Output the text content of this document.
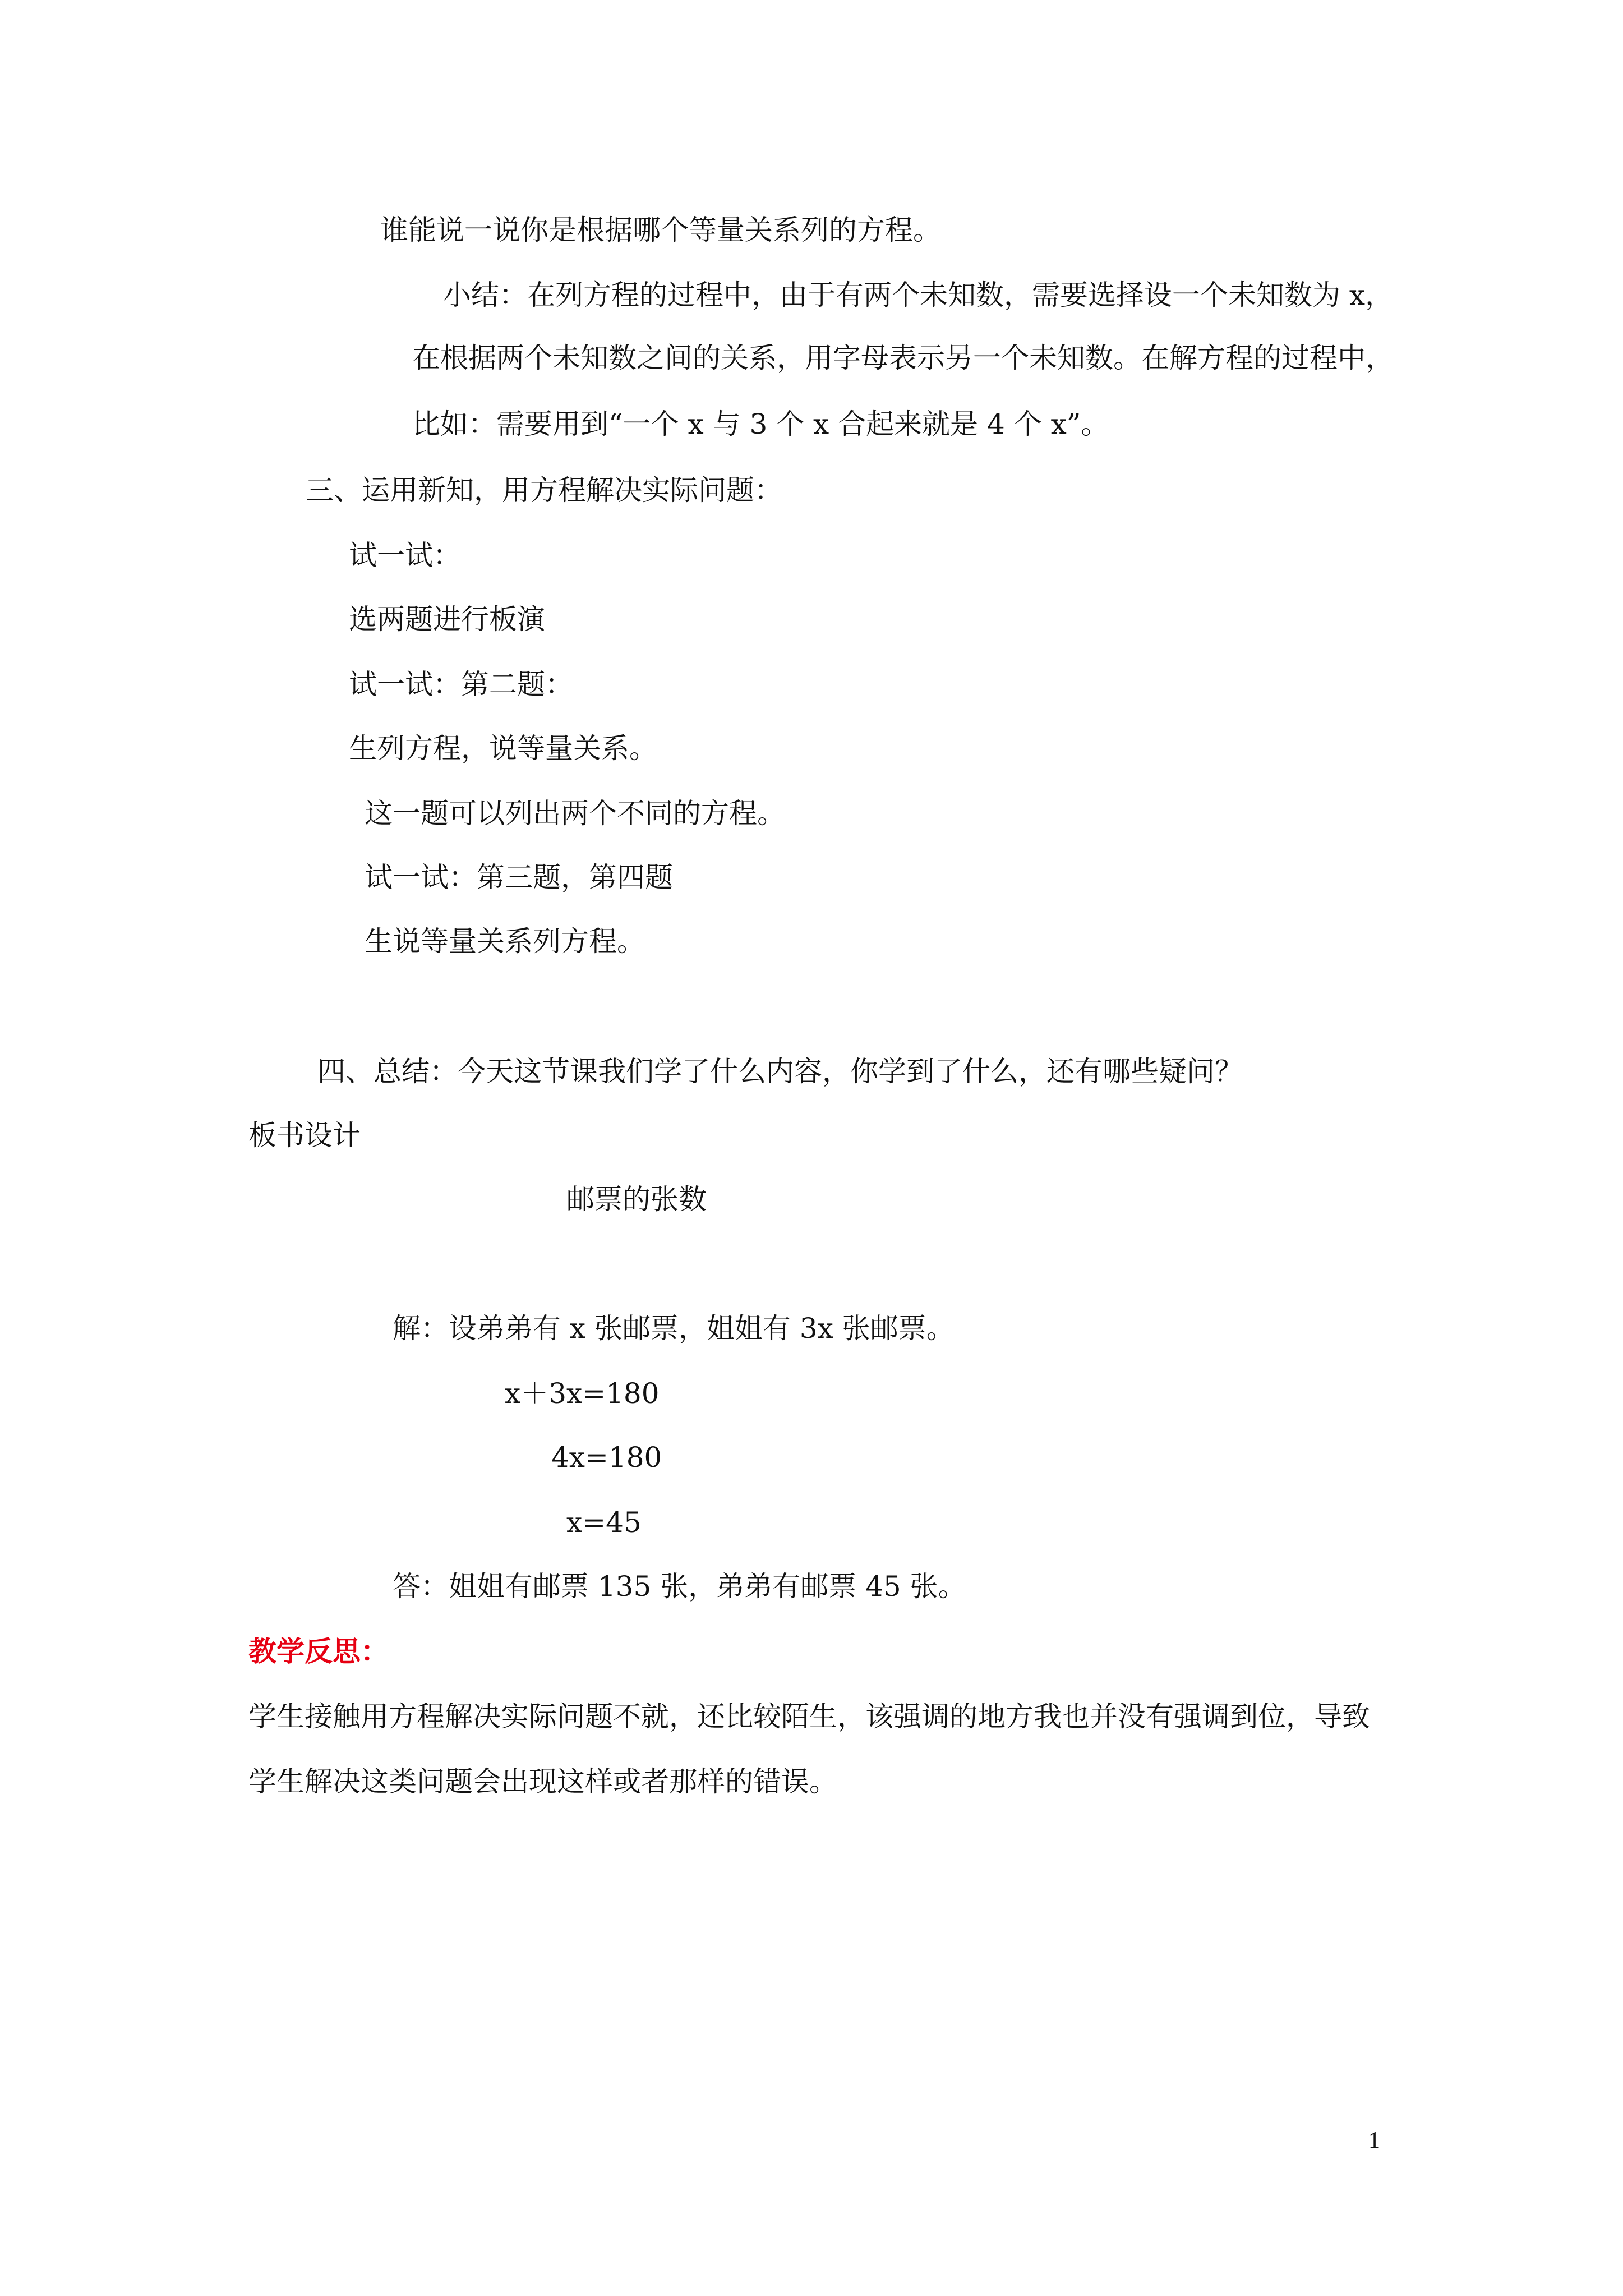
谁能说一说你是根据哪个等量关系列的方程。
小结：在列方程的过程中，由于有两个未知数，需要选择设一个未知数为 x，
在根据两个未知数之间的关系，用字母表示另一个未知数。在解方程的过程中，
比如：需要用到“一个 x 与 3 个 x 合起来就是 4 个 x”。
三、运用新知，用方程解决实际问题：
试一试：
选两题进行板演
试一试：第二题：
生列方程，说等量关系。
这一题可以列出两个不同的方程。
试一试：第三题，第四题
生说等量关系列方程。
四、总结：今天这节课我们学了什么内容，你学到了什么，还有哪些疑问？
板书设计
邮票的张数
解：设弟弟有 x 张邮票，姐姐有 3x 张邮票。
x＋3x=180
4x=180
x=45
答：姐姐有邮票 135 张，弟弟有邮票 45 张。
教学反思：
学生接触用方程解决实际问题不就，还比较陌生，该强调的地方我也并没有强调到位，导致
学生解决这类问题会出现这样或者那样的错误。
1
